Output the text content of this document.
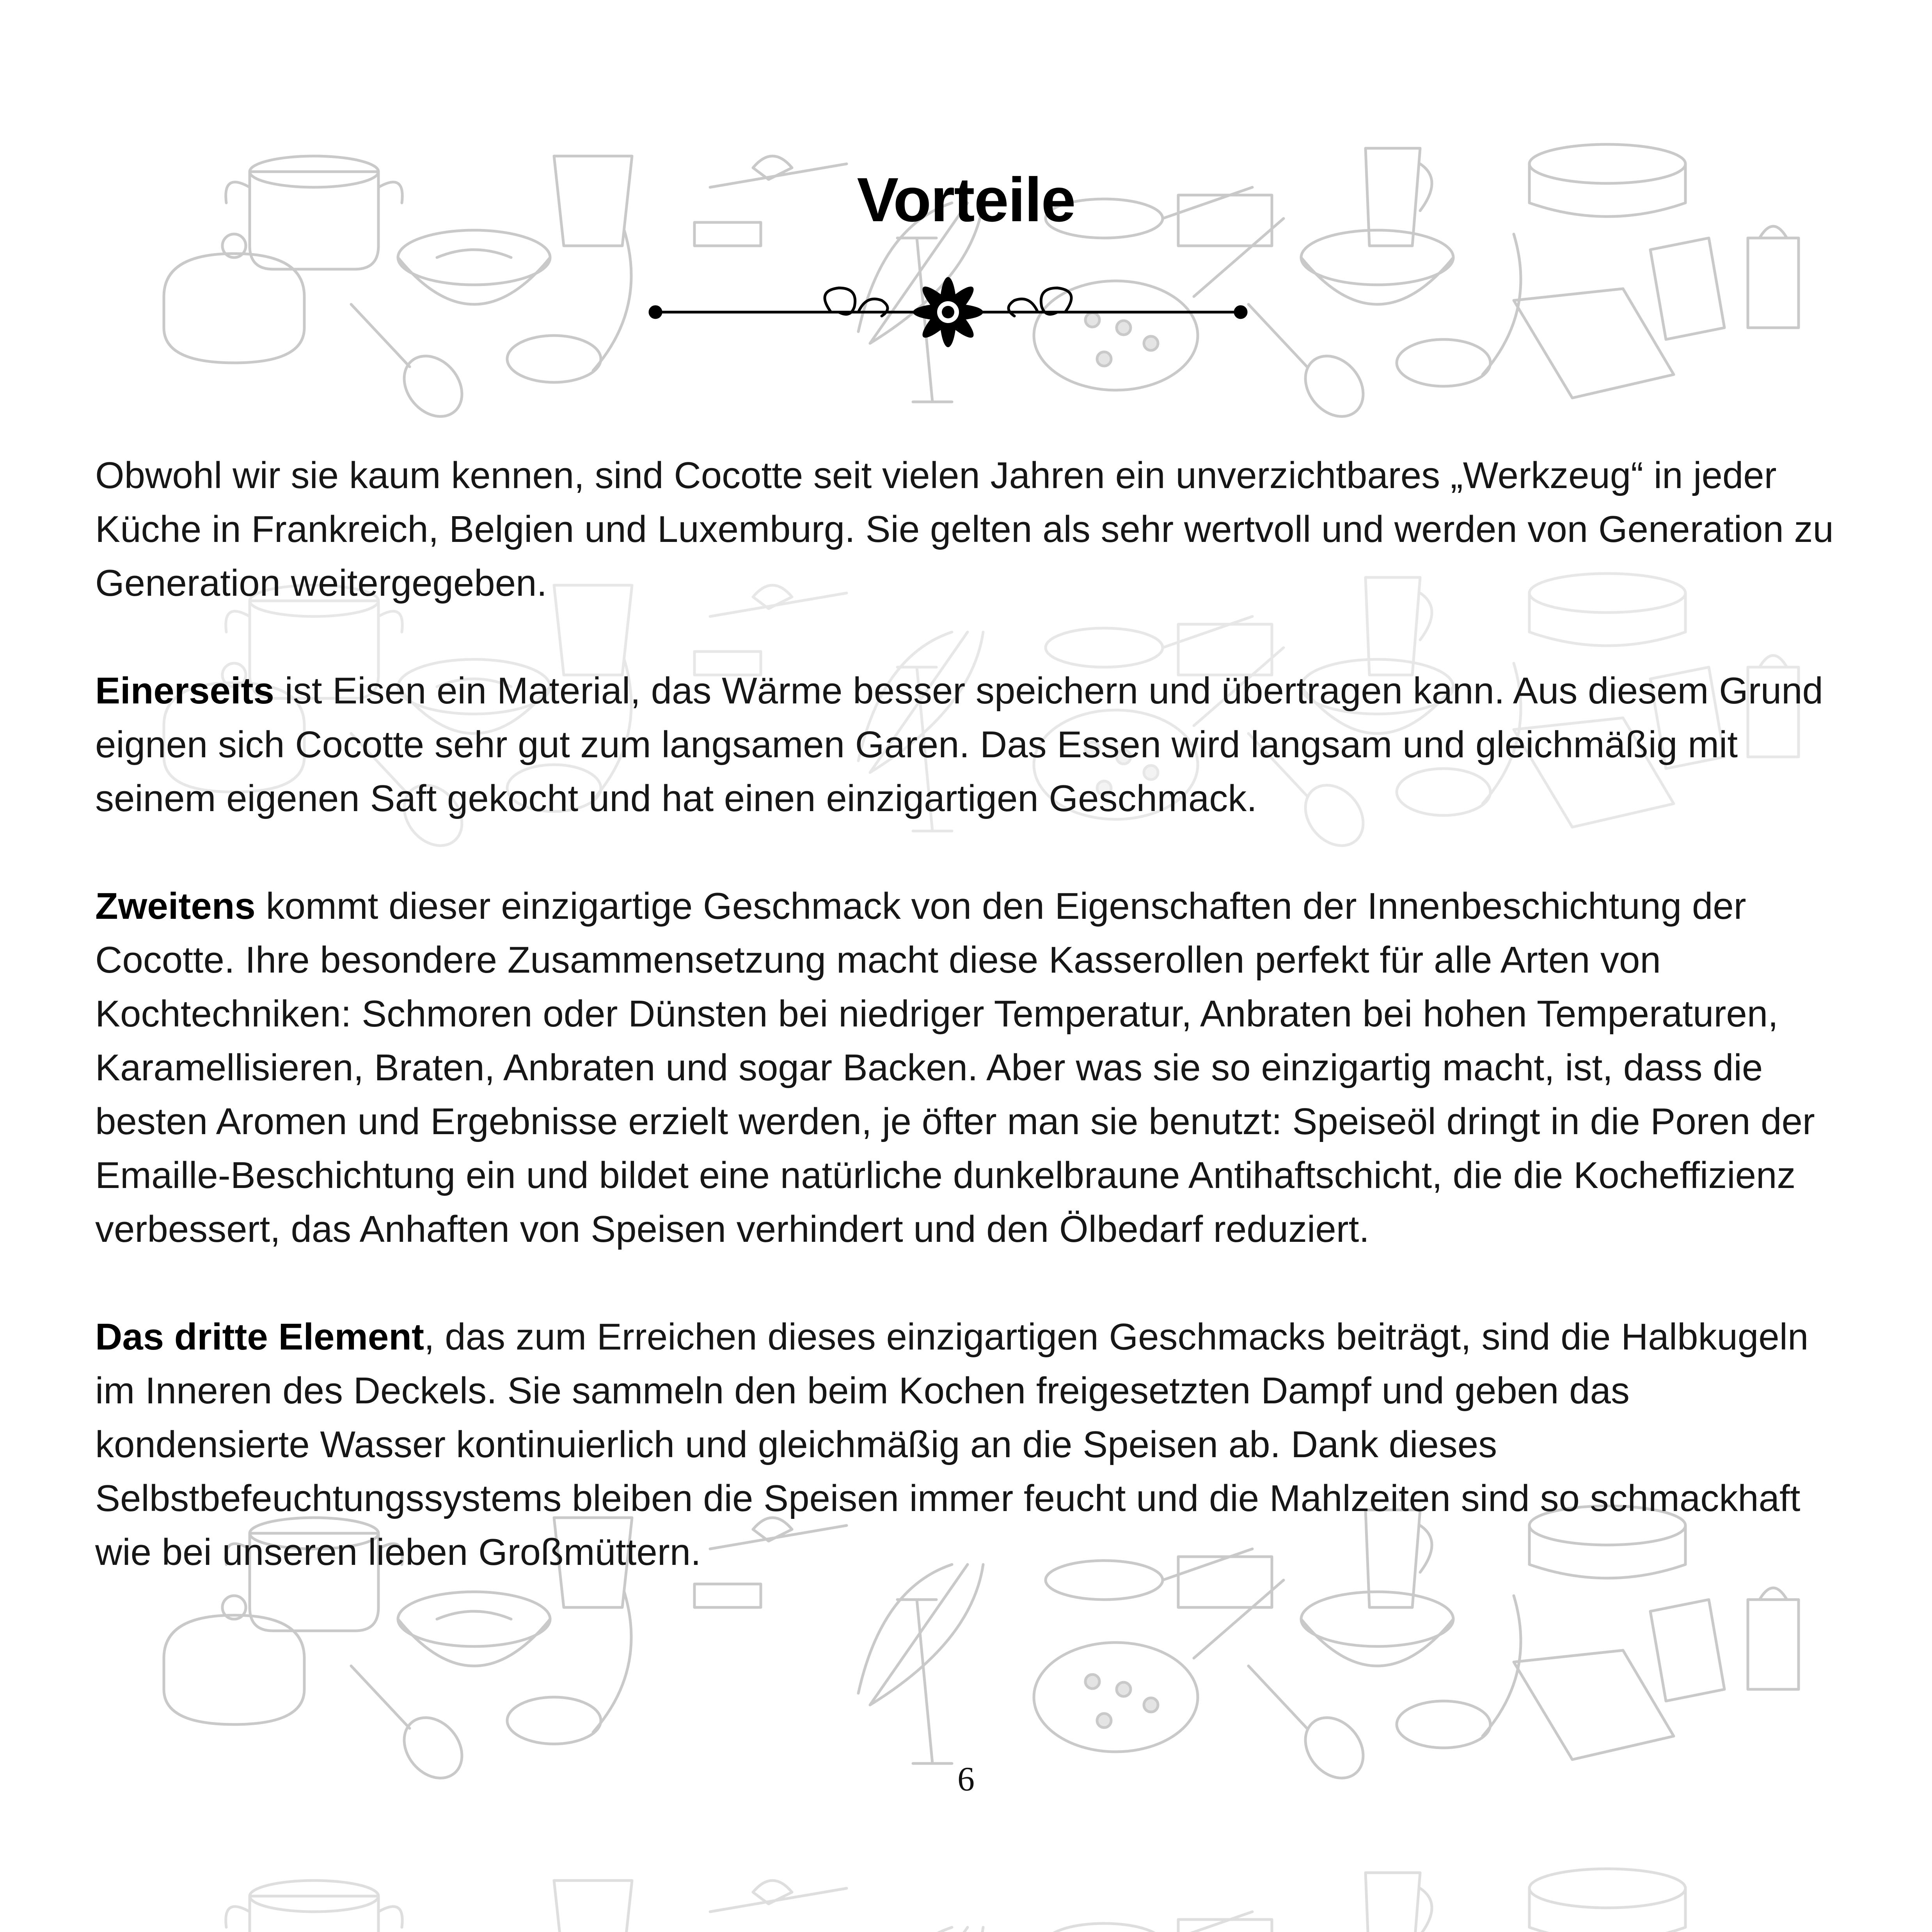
Vorteile

Obwohl wir sie kaum kennen, sind Cocotte seit vielen Jahren ein unverzichtbares „Werkzeug“ in jeder Küche in Frankreich, Belgien und Luxemburg. Sie gelten als sehr wertvoll und werden von Generation zu Generation weitergegeben.

Einerseits ist Eisen ein Material, das Wärme besser speichern und übertragen kann. Aus diesem Grund eignen sich Cocotte sehr gut zum langsamen Garen. Das Essen wird langsam und gleichmäßig mit seinem eigenen Saft gekocht und hat einen einzigartigen Geschmack.

Zweitens kommt dieser einzigartige Geschmack von den Eigenschaften der Innenbeschichtung der Cocotte. Ihre besondere Zusammensetzung macht diese Kasserollen perfekt für alle Arten von Kochtechniken: Schmoren oder Dünsten bei niedriger Temperatur, Anbraten bei hohen Temperaturen, Karamellisieren, Braten, Anbraten und sogar Backen. Aber was sie so einzigartig macht, ist, dass die besten Aromen und Ergebnisse erzielt werden, je öfter man sie benutzt: Speiseöl dringt in die Poren der Emaille-Beschichtung ein und bildet eine natürliche dunkelbraune Antihaftschicht, die die Kocheffizienz verbessert, das Anhaften von Speisen verhindert und den Ölbedarf reduziert.

Das dritte Element, das zum Erreichen dieses einzigartigen Geschmacks beiträgt, sind die Halbkugeln im Inneren des Deckels. Sie sammeln den beim Kochen freigesetzten Dampf und geben das kondensierte Wasser kontinuierlich und gleichmäßig an die Speisen ab. Dank dieses Selbstbefeuchtungssystems bleiben die Speisen immer feucht und die Mahlzeiten sind so schmackhaft wie bei unseren lieben Großmüttern.

6
